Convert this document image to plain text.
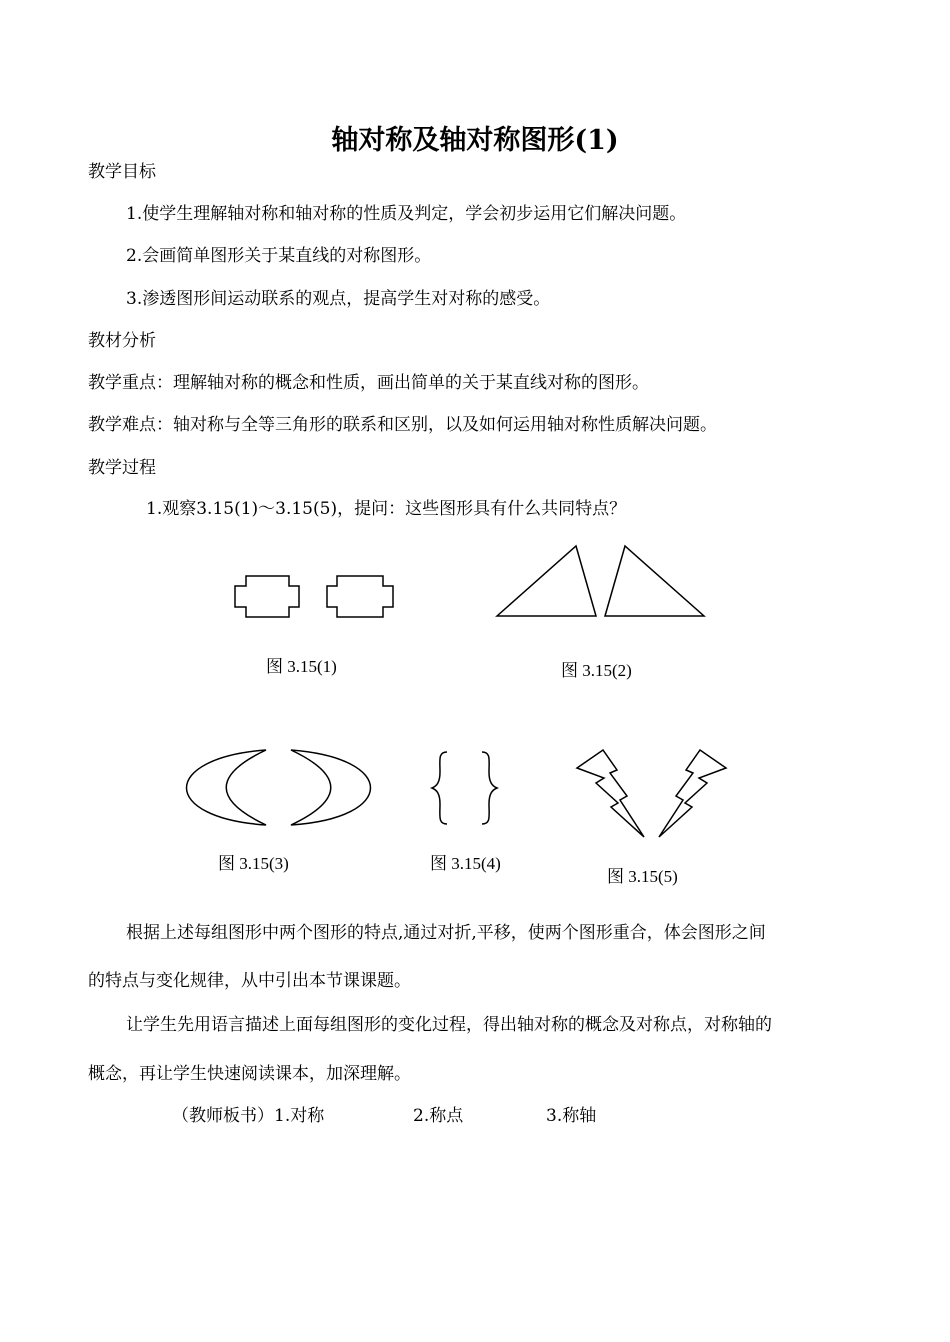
轴对称及轴对称图形(1)
教学目标
1.使学生理解轴对称和轴对称的性质及判定，学会初步运用它们解决问题。
2.会画简单图形关于某直线的对称图形。
3.渗透图形间运动联系的观点，提高学生对对称的感受。
教材分析
教学重点：理解轴对称的概念和性质，画出简单的关于某直线对称的图形。
教学难点：轴对称与全等三角形的联系和区别，以及如何运用轴对称性质解决问题。
教学过程
1.观察3.15(1)～3.15(5)，提问：这些图形具有什么共同特点？
图 3.15(1)	图 3.15(2)
图 3.15(3)	图 3.15(4)
图 3.15(5)
根据上述每组图形中两个图形的特点,通过对折,平移，使两个图形重合，体会图形之间
的特点与变化规律，从中引出本节课课题。
让学生先用语言描述上面每组图形的变化过程，得出轴对称的概念及对称点，对称轴的
概念，再让学生快速阅读课本，加深理解。
（教师板书）1.对称	2.称点	3.称轴
